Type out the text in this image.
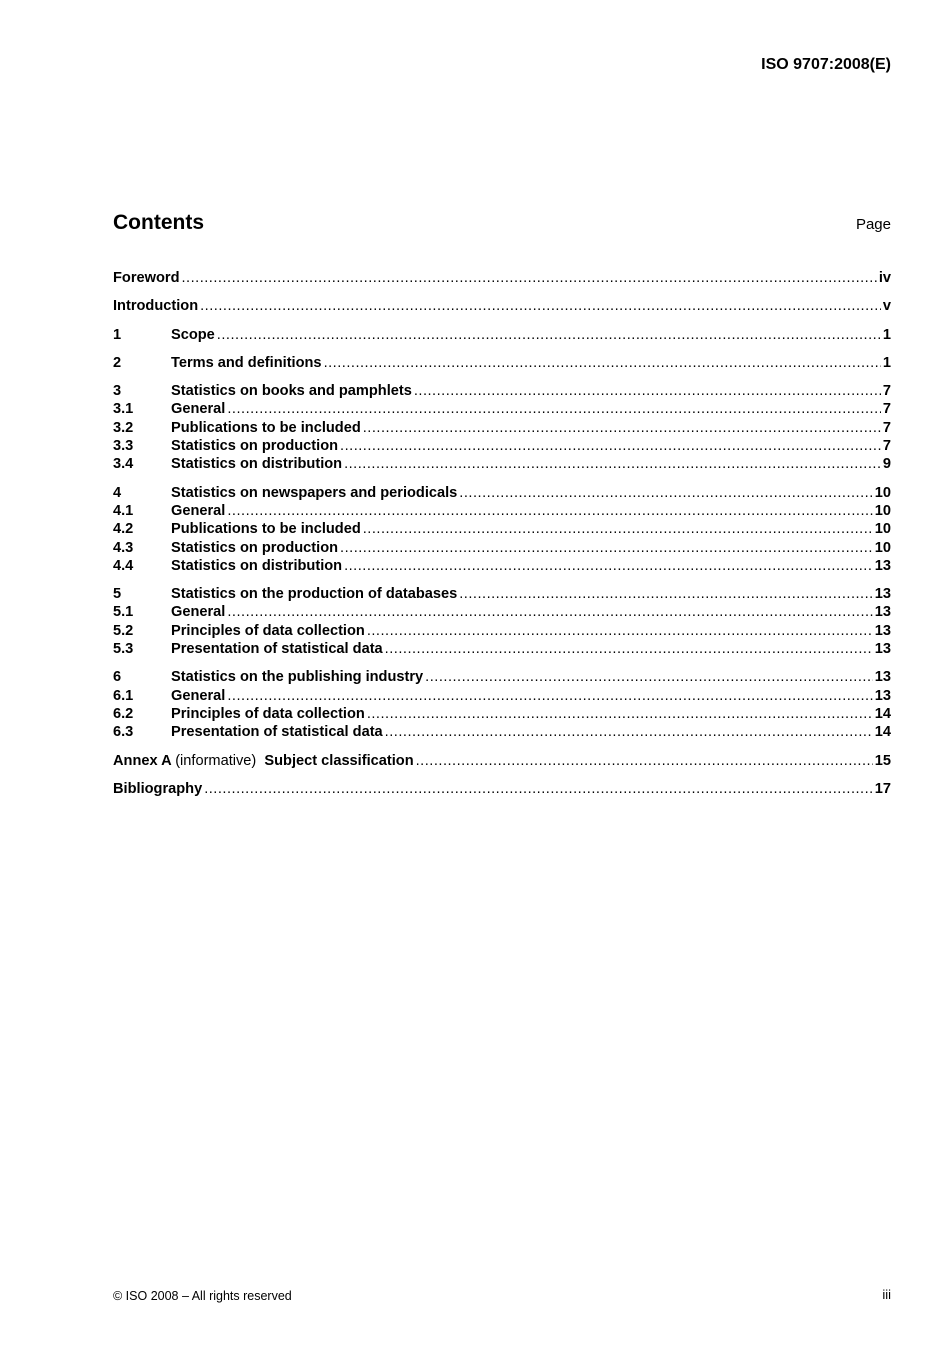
ISO 9707:2008(E)
Contents	Page
Foreword .....	iv
Introduction .....	v
1	Scope .....	1
2	Terms and definitions .....	1
3	Statistics on books and pamphlets .....	7
3.1	General .....	7
3.2	Publications to be included .....	7
3.3	Statistics on production .....	7
3.4	Statistics on distribution .....	9
4	Statistics on newspapers and periodicals .....	10
4.1	General .....	10
4.2	Publications to be included .....	10
4.3	Statistics on production .....	10
4.4	Statistics on distribution .....	13
5	Statistics on the production of databases .....	13
5.1	General .....	13
5.2	Principles of data collection .....	13
5.3	Presentation of statistical data .....	13
6	Statistics on the publishing industry .....	13
6.1	General .....	13
6.2	Principles of data collection .....	14
6.3	Presentation of statistical data .....	14
Annex A (informative) Subject classification .....	15
Bibliography .....	17
© ISO 2008 – All rights reserved	iii
